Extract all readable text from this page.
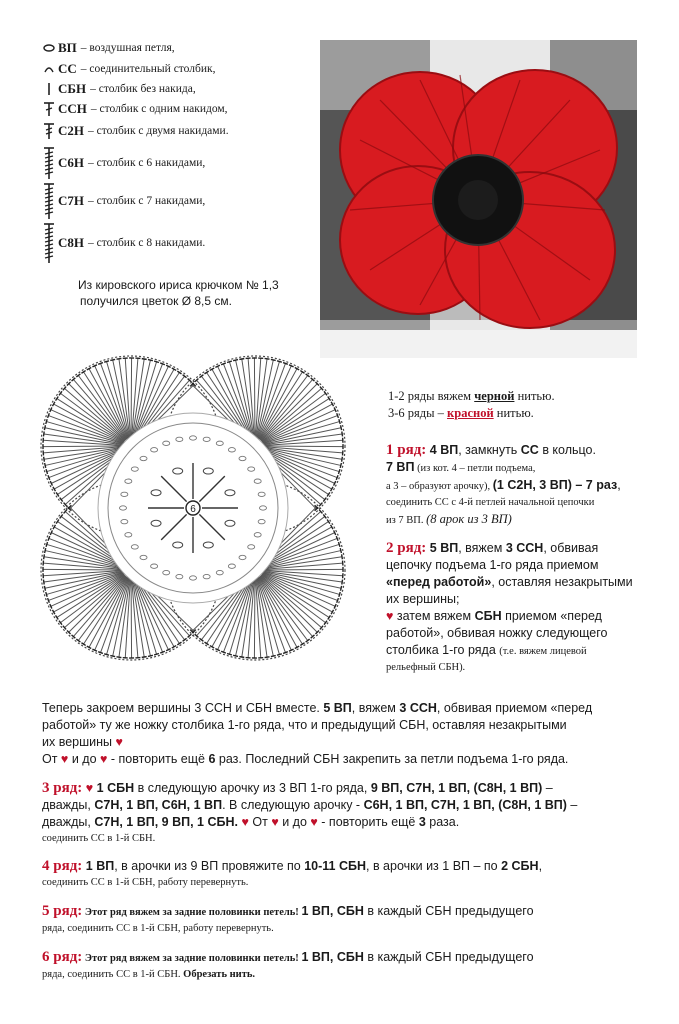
ВП – воздушная петля,
СС – соединительный столбик,
СБН – столбик без накида,
ССН – столбик с одним накидом,
С2Н – столбик с двумя накидами.
С6Н – столбик с 6 накидами,
С7Н – столбик с 7 накидами,
С8Н – столбик с 8 накидами.
Из кировского ириса крючком № 1,3
получился цветок Ø 8,5 см.
6
1-2 ряды вяжем черной нитью.
3-6 ряды – красной нитью.
1 ряд: 4 ВП, замкнуть СС в кольцо.
7 ВП (из кот. 4 – петли подъема,
а 3 – образуют арочку), (1 С2Н, 3 ВП) – 7 раз,
соединить СС с 4-й петлей начальной цепочки
из 7 ВП. (8 арок из 3 ВП)
2 ряд: 5 ВП, вяжем 3 ССН, обвивая
цепочку подъема 1-го ряда приемом
«перед работой», оставляя незакрытыми
их вершины;
♥ затем вяжем СБН приемом «перед
работой», обвивая ножку следующего
столбика 1-го ряда (т.е. вяжем лицевой
рельефный СБН).
Теперь закроем вершины 3 ССН и СБН вместе. 5 ВП, вяжем 3 ССН, обвивая приемом «перед
работой» ту же ножку столбика 1-го ряда, что и предыдущий СБН, оставляя незакрытыми
их вершины ♥
От ♥ и до ♥ - повторить ещё 6 раз. Последний СБН закрепить за петли подъема 1-го ряда.
3 ряд: ♥ 1 СБН в следующую арочку из 3 ВП 1-го ряда, 9 ВП, С7Н, 1 ВП, (С8Н, 1 ВП) –
дважды, С7Н, 1 ВП, С6Н, 1 ВП. В следующую арочку - С6Н, 1 ВП, С7Н, 1 ВП, (С8Н, 1 ВП) –
дважды, С7Н, 1 ВП, 9 ВП, 1 СБН. ♥ От ♥ и до ♥ - повторить ещё 3 раза.
соединить СС в 1-й СБН.
4 ряд: 1 ВП, в арочки из 9 ВП провяжите по 10-11 СБН, в арочки из 1 ВП – по 2 СБН,
соединить СС в 1-й СБН, работу перевернуть.
5 ряд: Этот ряд вяжем за задние половинки петель! 1 ВП, СБН в каждый СБН предыдущего
ряда, соединить СС в 1-й СБН, работу перевернуть.
6 ряд: Этот ряд вяжем за задние половинки петель! 1 ВП, СБН в каждый СБН предыдущего
ряда, соединить СС в 1-й СБН. Обрезать нить.
